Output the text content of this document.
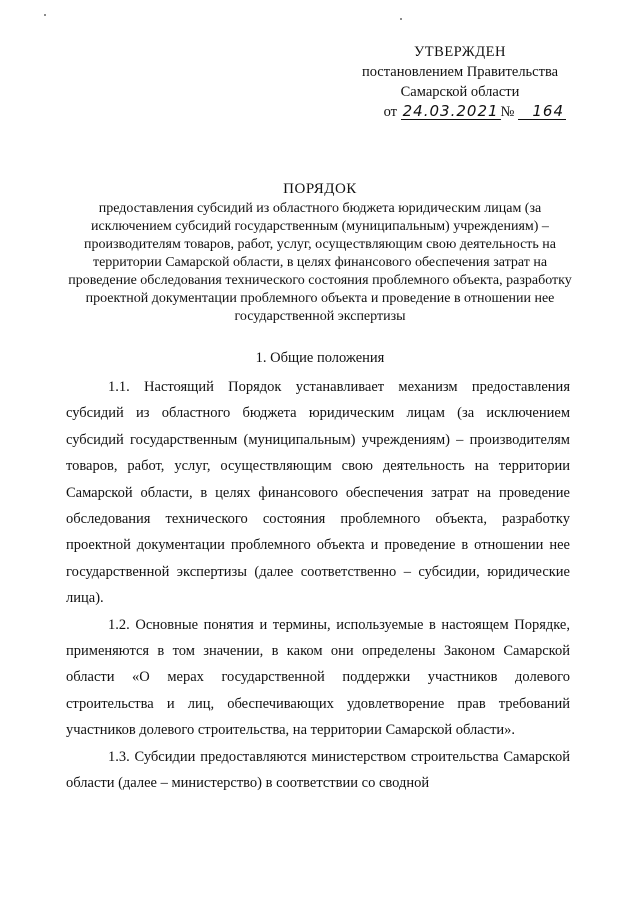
УТВЕРЖДЕН
постановлением Правительства
Самарской области
от 24.03.2021 № 164
ПОРЯДОК
предоставления субсидий из областного бюджета юридическим лицам (за исключением субсидий государственным (муниципальным) учреждениям) – производителям товаров, работ, услуг, осуществляющим свою деятельность на территории Самарской области, в целях финансового обеспечения затрат на проведение обследования технического состояния проблемного объекта, разработку проектной документации проблемного объекта и проведение в отношении нее государственной экспертизы
1. Общие положения

1.1. Настоящий Порядок устанавливает механизм предоставления субсидий из областного бюджета юридическим лицам (за исключением субсидий государственным (муниципальным) учреждениям) – производителям товаров, работ, услуг, осуществляющим свою деятельность на территории Самарской области, в целях финансового обеспечения затрат на проведение обследования технического состояния проблемного объекта, разработку проектной документации проблемного объекта и проведение в отношении нее государственной экспертизы (далее соответственно – субсидии, юридические лица).

1.2. Основные понятия и термины, используемые в настоящем Порядке, применяются в том значении, в каком они определены Законом Самарской области «О мерах государственной поддержки участников долевого строительства и лиц, обеспечивающих удовлетворение прав требований участников долевого строительства, на территории Самарской области».

1.3. Субсидии предоставляются министерством строительства Самарской области (далее – министерство) в соответствии со сводной
